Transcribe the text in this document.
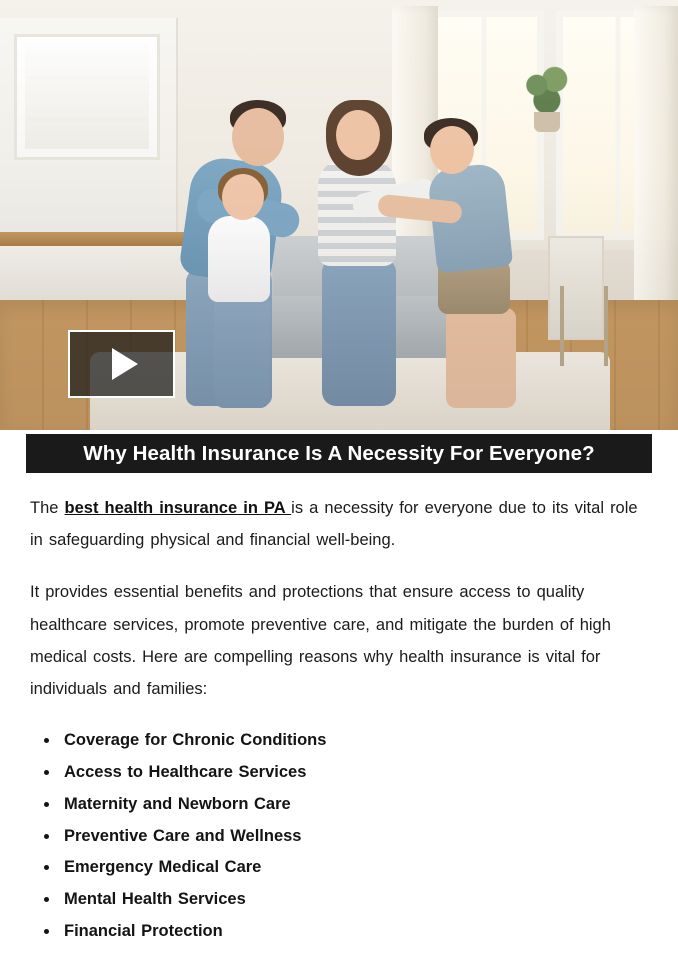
Why Health Insurance Is A Necessity For Everyone?

The best health insurance in PA is a necessity for everyone due to its vital role in safeguarding physical and financial well-being.

It provides essential benefits and protections that ensure access to quality healthcare services, promote preventive care, and mitigate the burden of high medical costs. Here are compelling reasons why health insurance is vital for individuals and families:

Coverage for Chronic Conditions
Access to Healthcare Services
Maternity and Newborn Care
Preventive Care and Wellness
Emergency Medical Care
Mental Health Services
Financial Protection
